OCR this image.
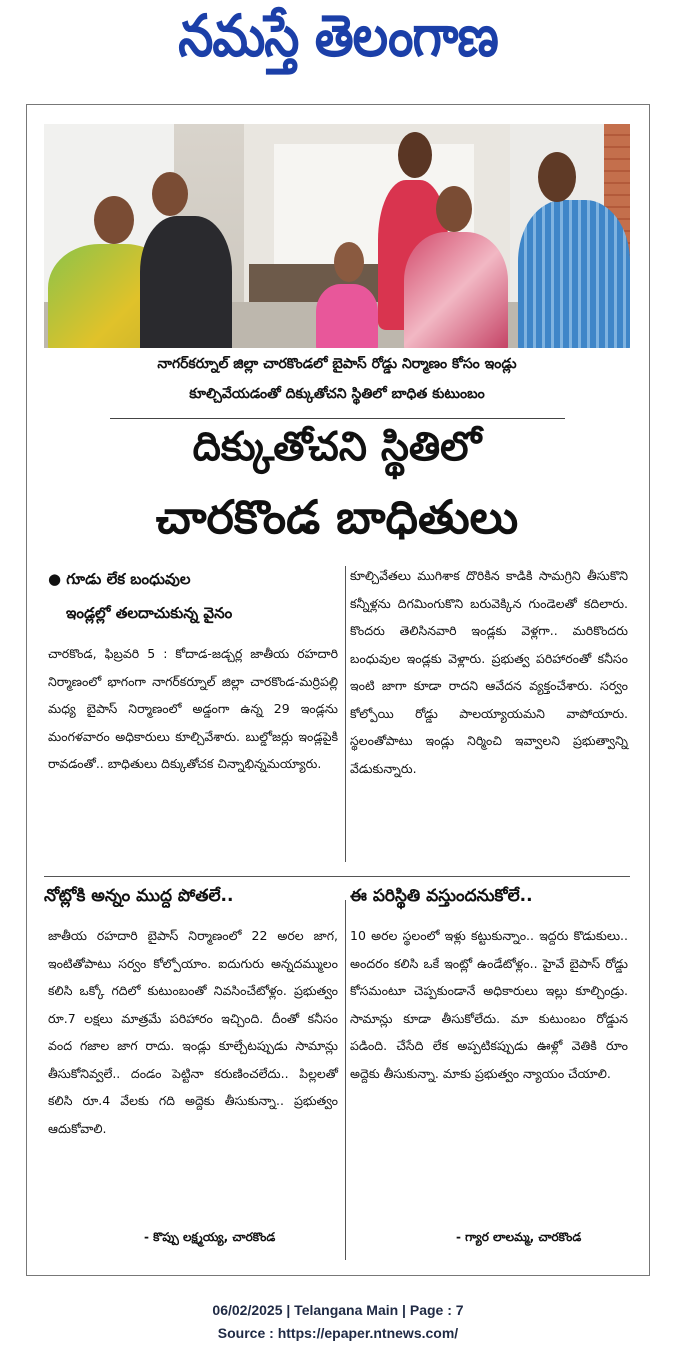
నమస్తే తెలంగాణ
నాగర్‌కర్నూల్ జిల్లా చారకొండలో బైపాస్ రోడ్డు నిర్మాణం కోసం ఇండ్లు
కూల్చివేయడంతో దిక్కుతోచని స్థితిలో బాధిత కుటుంబం
దిక్కుతోచని స్థితిలో
చారకొండ బాధితులు
● గూడు లేక బంధువుల
ఇండ్లల్లో తలదాచుకున్న వైనం

చారకొండ, ఫిబ్రవరి 5 : కోదాడ-జడ్చర్ల జాతీయ రహదారి నిర్మాణంలో భాగంగా నాగర్‌కర్నూల్ జిల్లా చారకొండ-మర్రిపల్లి మధ్య బైపాస్ నిర్మాణంలో అడ్డంగా ఉన్న 29 ఇండ్లను మంగళవారం అధికారులు కూల్చివేశారు. బుల్డోజర్లు ఇండ్లపైకి రావడంతో.. బాధితులు దిక్కుతోచక చిన్నాభిన్నమయ్యారు.

కూల్చివేతలు ముగిశాక దొరికిన కాడికి సామగ్రిని తీసుకొని కన్నీళ్లను దిగమింగుకొని బరువెక్కిన గుండెలతో కదిలారు. కొందరు తెలిసినవారి ఇండ్లకు వెళ్లగా.. మరికొందరు బంధువుల ఇండ్లకు వెళ్లారు. ప్రభుత్వ పరిహారంతో కనీసం ఇంటి జాగా కూడా రాదని ఆవేదన వ్యక్తంచేశారు. సర్వం కోల్పోయి రోడ్డు పాలయ్యాయమని వాపోయారు. స్థలంతోపాటు ఇండ్లు నిర్మించి ఇవ్వాలని ప్రభుత్వాన్ని వేడుకున్నారు.

నోట్లోకి అన్నం ముద్ద పోతలే..	ఈ పరిస్థితి వస్తుందనుకోలే..

జాతీయ రహదారి బైపాస్ నిర్మాణంలో 22 అరల జాగ, ఇంటితోపాటు సర్వం కోల్పోయాం. ఐదుగురు అన్నదమ్ములం కలిసి ఒక్కో గదిలో కుటుంబంతో నివసించేటోళ్లం. ప్రభుత్వం రూ.7 లక్షలు మాత్రమే పరిహారం ఇచ్చింది. దీంతో కనీసం వంద గజాల జాగ రాదు. ఇండ్లు కూల్చేటప్పుడు సామాన్లు తీసుకోనివ్వలే.. దండం పెట్టినా కరుణించలేదు.. పిల్లలతో కలిసి రూ.4 వేలకు గది అద్దెకు తీసుకున్నా.. ప్రభుత్వం ఆదుకోవాలి.

- కొప్పు లక్ష్మయ్య, చారకొండ

10 అరల స్థలంలో ఇళ్లు కట్టుకున్నాం.. ఇద్దరు కొడుకులు.. అందరం కలిసి ఒకే ఇంట్లో ఉండేటోళ్లం.. హైవే బైపాస్ రోడ్డు కోసమంటూ చెప్పకుండానే అధికారులు ఇల్లు కూల్చిండ్రు. సామాన్లు కూడా తీసుకోలేదు. మా కుటుంబం రోడ్డున పడింది. చేసేది లేక అప్పటికప్పుడు ఊళ్లో వెతికి రూం అద్దెకు తీసుకున్నా. మాకు ప్రభుత్వం న్యాయం చేయాలి.

- గ్యార లాలమ్మ, చారకొండ
06/02/2025 | Telangana Main | Page : 7
Source : https://epaper.ntnews.com/
